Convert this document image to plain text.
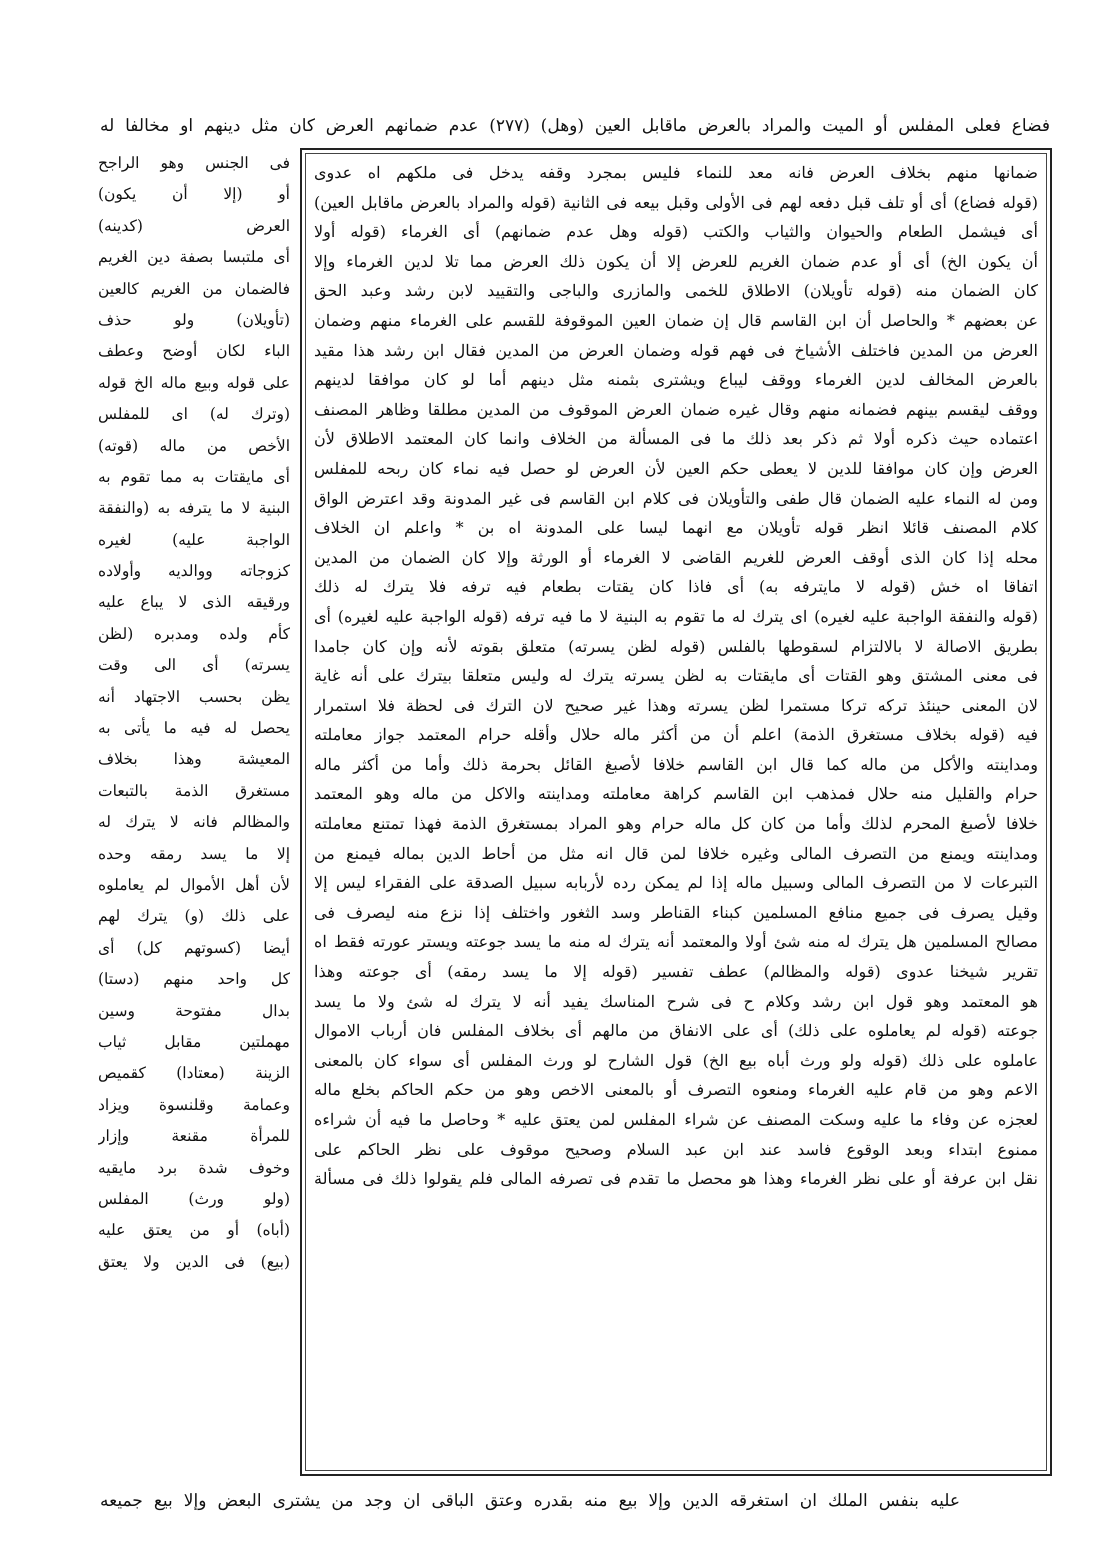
فضاع فعلى المفلس أو الميت والمراد بالعرض ماقابل العين (وهل) (٢٧٧) عدم ضمانهم العرض كان مثل دينهم او مخالفا له
ضمانها منهم بخلاف العرض فانه معد للنماء فليس بمجرد وقفه يدخل فى ملكهم اه عدوى
(قوله فضاع) أى أو تلف قبل دفعه لهم فى الأولى وقبل بيعه فى الثانية (قوله والمراد بالعرض ماقابل العين)
أى فيشمل الطعام والحيوان والثياب والكتب (قوله وهل عدم ضمانهم) أى الغرماء (قوله أولا
أن يكون الخ) أى أو عدم ضمان الغريم للعرض إلا أن يكون ذلك العرض مما تلا لدين الغرماء وإلا
كان الضمان منه (قوله تأويلان) الاطلاق للخمى والمازرى والباجى والتقييد لابن رشد وعبد الحق
عن بعضهم * والحاصل أن ابن القاسم قال إن ضمان العين الموقوفة للقسم على الغرماء منهم وضمان
العرض من المدين فاختلف الأشياخ فى فهم قوله وضمان العرض من المدين فقال ابن رشد هذا مقيد
بالعرض المخالف لدين الغرماء ووقف ليباع ويشترى بثمنه مثل دينهم أما لو كان موافقا لدينهم
ووقف ليقسم بينهم فضمانه منهم وقال غيره ضمان العرض الموقوف من المدين مطلقا وظاهر المصنف
اعتماده حيث ذكره أولا ثم ذكر بعد ذلك ما فى المسألة من الخلاف وانما كان المعتمد الاطلاق لأن
العرض وإن كان موافقا للدين لا يعطى حكم العين لأن العرض لو حصل فيه نماء كان ربحه للمفلس
ومن له النماء عليه الضمان قال طفى والتأويلان فى كلام ابن القاسم فى غير المدونة وقد اعترض الواق
كلام المصنف قائلا انظر قوله تأويلان مع انهما ليسا على المدونة اه بن * واعلم ان الخلاف
محله إذا كان الذى أوقف العرض للغريم القاضى لا الغرماء أو الورثة وإلا كان الضمان من المدين
اتفاقا اه خش (قوله لا مايترفه به) أى فاذا كان يقتات بطعام فيه ترفه فلا يترك له ذلك
(قوله والنفقة الواجبة عليه لغيره) اى يترك له ما تقوم به البنية لا ما فيه ترفه (قوله الواجبة عليه لغيره) أى
بطريق الاصالة لا بالالتزام لسقوطها بالفلس (قوله لظن يسرته) متعلق بقوته لأنه وإن كان جامدا
فى معنى المشتق وهو القتات أى مايقتات به لظن يسرته يترك له وليس متعلقا بيترك على أنه غاية
لان المعنى حينئذ تركه تركا مستمرا لظن يسرته وهذا غير صحيح لان الترك فى لحظة فلا استمرار
فيه (قوله بخلاف مستغرق الذمة) اعلم أن من أكثر ماله حلال وأقله حرام المعتمد جواز معاملته
ومداينته والأكل من ماله كما قال ابن القاسم خلافا لأصبغ القائل بحرمة ذلك وأما من أكثر ماله
حرام والقليل منه حلال فمذهب ابن القاسم كراهة معاملته ومداينته والاكل من ماله وهو المعتمد
خلافا لأصبغ المحرم لذلك وأما من كان كل ماله حرام وهو المراد بمستغرق الذمة فهذا تمتنع معاملته
ومداينته ويمنع من التصرف المالى وغيره خلافا لمن قال انه مثل من أحاط الدين بماله فيمنع من
التبرعات لا من التصرف المالى وسبيل ماله إذا لم يمكن رده لأربابه سبيل الصدقة على الفقراء ليس إلا
وقيل يصرف فى جميع منافع المسلمين كبناء القناطر وسد الثغور واختلف إذا نزع منه ليصرف فى
مصالح المسلمين هل يترك له منه شئ أولا والمعتمد أنه يترك له منه ما يسد جوعته ويستر عورته فقط اه
تقرير شيخنا عدوى (قوله والمظالم) عطف تفسير (قوله إلا ما يسد رمقه) أى جوعته وهذا
هو المعتمد وهو قول ابن رشد وكلام ح فى شرح المناسك يفيد أنه لا يترك له شئ ولا ما يسد
جوعته (قوله لم يعاملوه على ذلك) أى على الانفاق من مالهم أى بخلاف المفلس فان أرباب الاموال
عاملوه على ذلك (قوله ولو ورث أباه بيع الخ) قول الشارح لو ورث المفلس أى سواء كان بالمعنى
الاعم وهو من قام عليه الغرماء ومنعوه التصرف أو بالمعنى الاخص وهو من حكم الحاكم بخلع ماله
لعجزه عن وفاء ما عليه وسكت المصنف عن شراء المفلس لمن يعتق عليه * وحاصل ما فيه أن شراءه
ممنوع ابتداء وبعد الوقوع فاسد عند ابن عبد السلام وصحيح موقوف على نظر الحاكم على
نقل ابن عرفة أو على نظر الغرماء وهذا هو محصل ما تقدم فى تصرفه المالى فلم يقولوا ذلك فى مسألة
فى الجنس وهو الراجح
أو (إلا أن يكون)
العرض (كدينه)
أى ملتبسا بصفة دين الغريم
فالضمان من الغريم كالعين
(تأويلان) ولو حذف
الباء لكان أوضح وعطف
على قوله وبيع ماله الخ قوله
(وترك له) اى للمفلس
الأخص من ماله (قوته)
أى مايقتات به مما تقوم به
البنية لا ما يترفه به (والنفقة
الواجبة عليه) لغيره
كزوجاته ووالديه وأولاده
ورقيقه الذى لا يباع عليه
كأم ولده ومدبره (لظن
يسرته) أى الى وقت
يظن بحسب الاجتهاد أنه
يحصل له فيه ما يأتى به
المعيشة وهذا بخلاف
مستغرق الذمة بالتبعات
والمظالم فانه لا يترك له
إلا ما يسد رمقه وحده
لأن أهل الأموال لم يعاملوه
على ذلك (و) يترك لهم
أيضا (كسوتهم كل) أى
كل واحد منهم (دستا)
بدال مفتوحة وسين
مهملتين مقابل ثياب
الزينة (معتادا) كقميص
وعمامة وقلنسوة ويزاد
للمرأة مقنعة وإزار
وخوف شدة برد مايقيه
(ولو ورث) المفلس
(أباه) أو من يعتق عليه
(بيع) فى الدين ولا يعتق
عليه بنفس الملك ان استغرقه الدين وإلا بيع منه بقدره وعتق الباقى ان وجد من يشترى البعض وإلا بيع جميعه
